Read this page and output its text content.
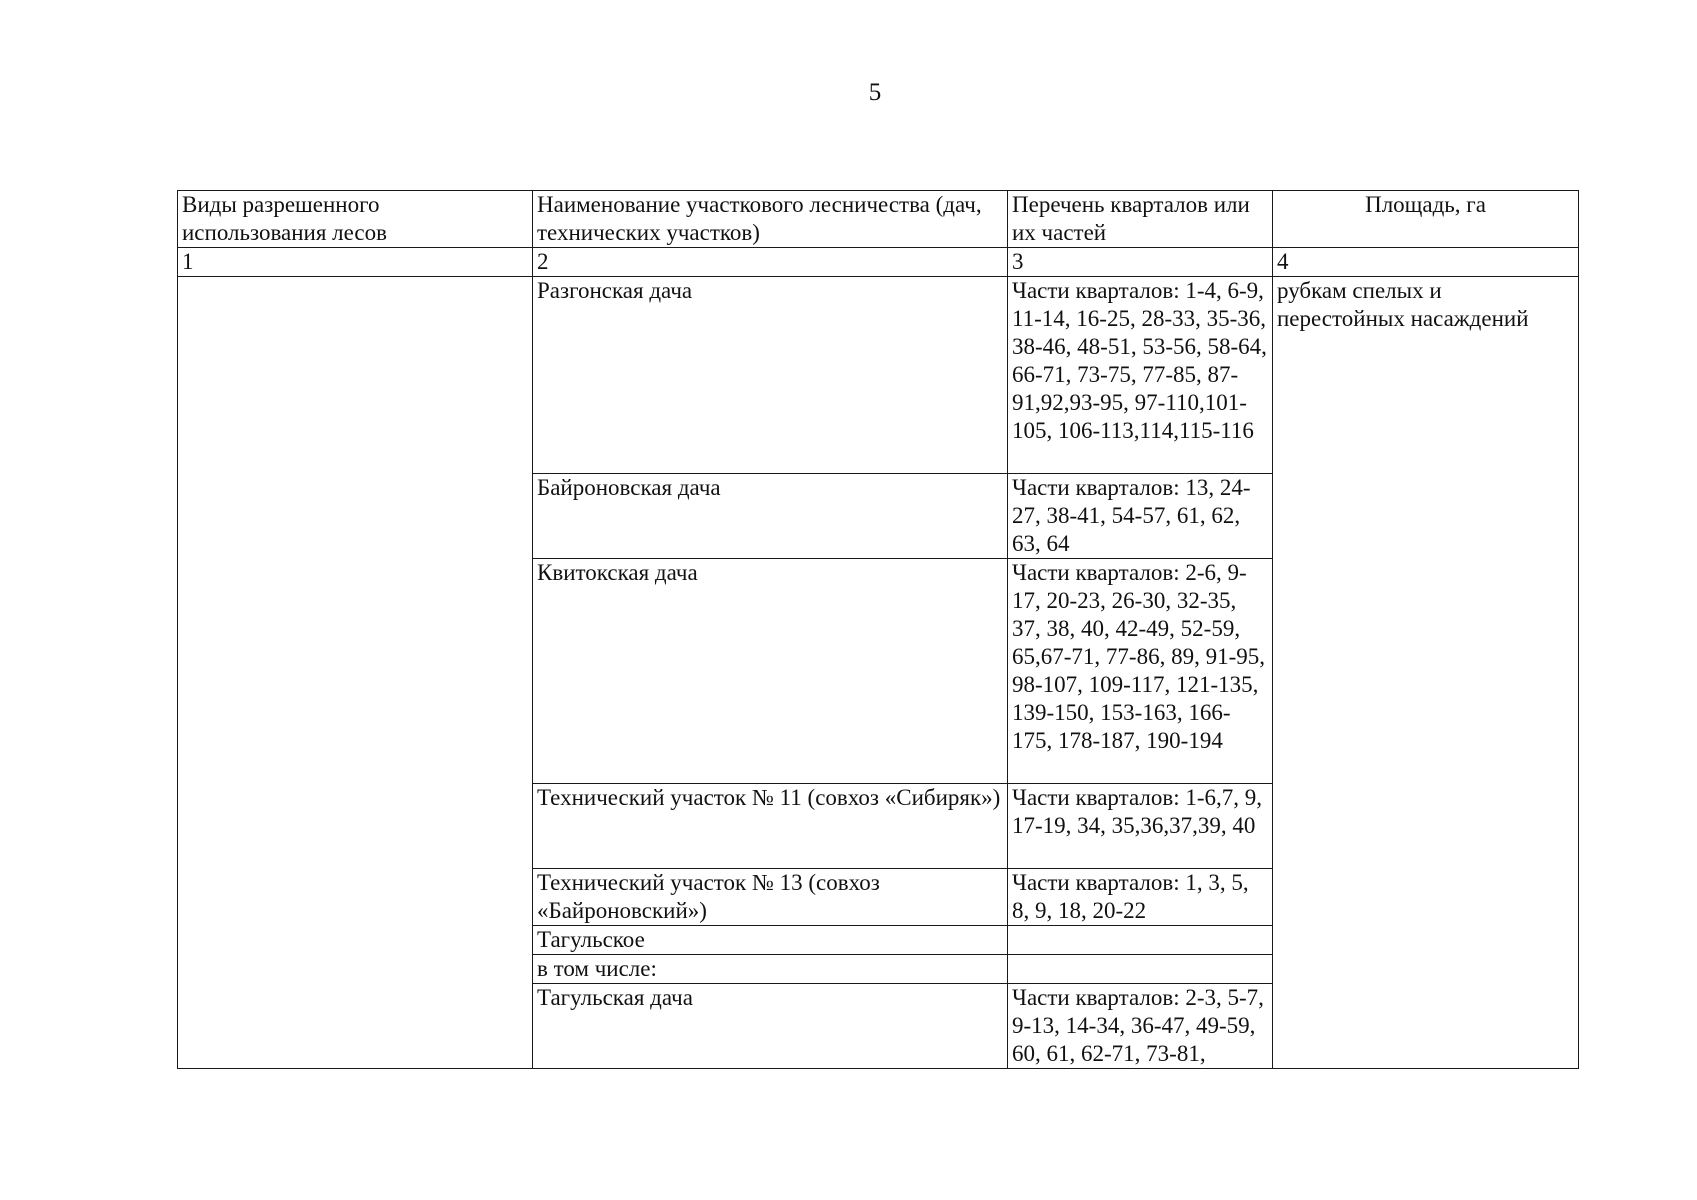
5
Виды разрешенного использования лесов	Наименование участкового лесничества (дач, технических участков)	Перечень кварталов или их частей	Площадь, га
1	2	3	4
	Разгонская дача	Части кварталов: 1-4, 6-9, 11-14, 16-25, 28-33, 35-36, 38-46, 48-51, 53-56, 58-64, 66-71, 73-75, 77-85, 87-91,92,93-95, 97-110,101-105, 106-113,114,115-116	рубкам спелых и перестойных насаждений
	Байроновская дача	Части кварталов: 13, 24-27, 38-41, 54-57, 61, 62, 63, 64	
	Квитокская дача	Части кварталов: 2-6, 9-17, 20-23, 26-30, 32-35, 37, 38, 40, 42-49, 52-59, 65,67-71, 77-86, 89, 91-95, 98-107, 109-117, 121-135, 139-150, 153-163, 166-175, 178-187, 190-194	
	Технический участок № 11 (совхоз «Сибиряк»)	Части кварталов: 1-6,7, 9, 17-19, 34, 35,36,37,39, 40	
	Технический участок № 13 (совхоз «Байроновский»)	Части кварталов: 1, 3, 5, 8, 9, 18, 20-22	
	Тагульское		
	в том числе:		
	Тагульская дача	Части кварталов: 2-3, 5-7, 9-13, 14-34, 36-47, 49-59, 60, 61, 62-71, 73-81,	
